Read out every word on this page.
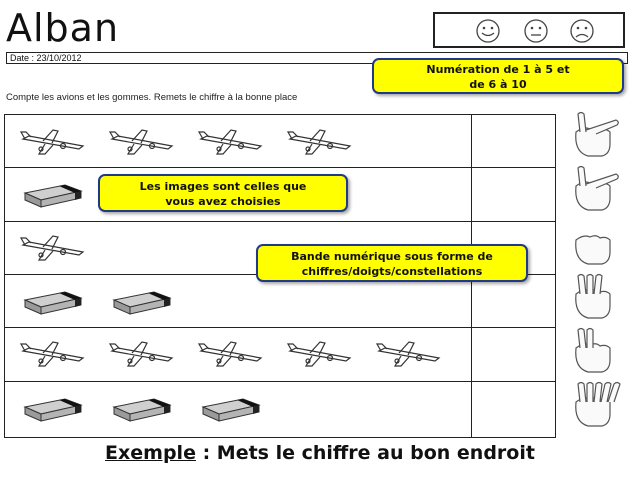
Alban
Date : 23/10/2012
Compte les avions et les gommes. Remets le chiffre à la bonne place
Numération de 1 à 5 et
de 6 à 10
Les images sont celles que
vous avez choisies
Bande numérique sous forme de
chiffres/doigts/constellations
Exemple : Mets le chiffre au bon endroit
